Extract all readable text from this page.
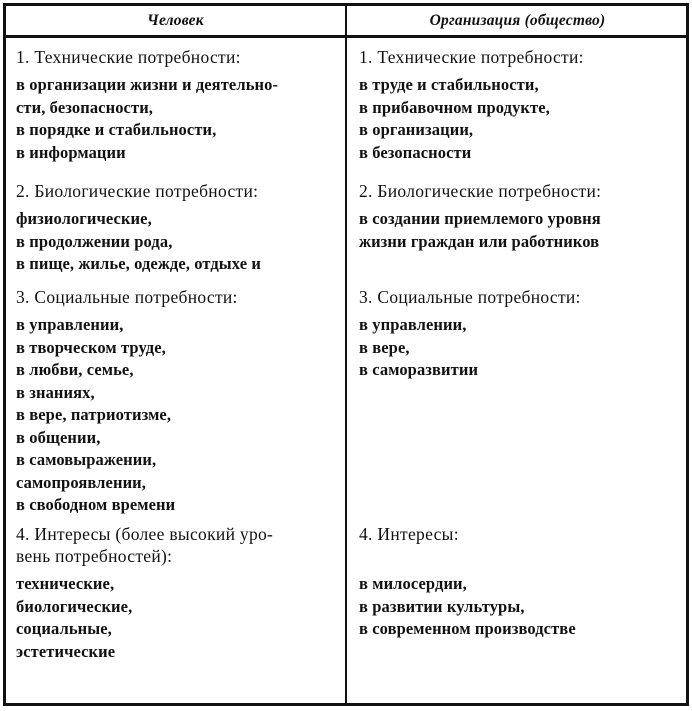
Человек	Организация (общество)
1. Технические потребности:
в организации жизни и деятельно-
сти, безопасности,
в порядке и стабильности,
в информации
1. Технические потребности:
в труде и стабильности,
в прибавочном продукте,
в организации,
в безопасности
2. Биологические потребности:
физиологические,
в продолжении рода,
в пище, жилье, одежде, отдыхе и
2. Биологические потребности:
в создании приемлемого уровня
жизни граждан или работников
3. Социальные потребности:
в управлении,
в творческом труде,
в любви, семье,
в знаниях,
в вере, патриотизме,
в общении,
в самовыражении,
самопроявлении,
в свободном времени
3. Социальные потребности:
в управлении,
в вере,
в саморазвитии
4. Интересы (более высокий уро-
вень потребностей):
технические,
биологические,
социальные,
эстетические
4. Интересы:
в милосердии,
в развитии культуры,
в современном производстве
